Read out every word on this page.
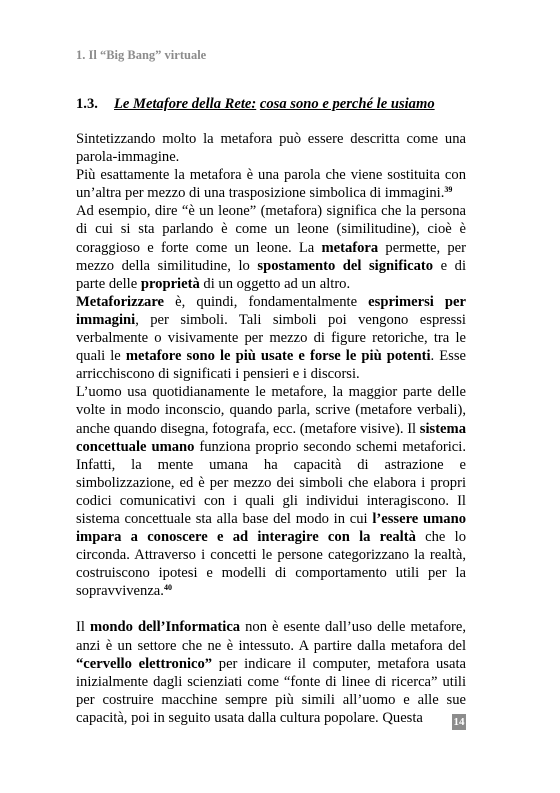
1. Il “Big Bang” virtuale
1.3. Le Metafore della Rete: cosa sono e perché le usiamo

Sintetizzando molto la metafora può essere descritta come una parola-immagine.

Più esattamente la metafora è una parola che viene sostituita con un’altra per mezzo di una trasposizione simbolica di immagini.$^{39}$

Ad esempio, dire “è un leone” (metafora) significa che la persona di cui si sta parlando è come un leone (similitudine), cioè è coraggioso e forte come un leone. La metafora permette, per mezzo della similitudine, lo spostamento del significato e di parte delle proprietà di un oggetto ad un altro.

Metaforizzare è, quindi, fondamentalmente esprimersi per immagini, per simboli. Tali simboli poi vengono espressi verbalmente o visivamente per mezzo di figure retoriche, tra le quali le metafore sono le più usate e forse le più potenti. Esse arricchiscono di significati i pensieri e i discorsi.

L’uomo usa quotidianamente le metafore, la maggior parte delle volte in modo inconscio, quando parla, scrive (metafore verbali), anche quando disegna, fotografa, ecc. (metafore visive). Il sistema concettuale umano funziona proprio secondo schemi metaforici. Infatti, la mente umana ha capacità di astrazione e simbolizzazione, ed è per mezzo dei simboli che elabora i propri codici comunicativi con i quali gli individui interagiscono. Il sistema concettuale sta alla base del modo in cui l’essere umano impara a conoscere e ad interagire con la realtà che lo circonda. Attraverso i concetti le persone categorizzano la realtà, costruiscono ipotesi e modelli di comportamento utili per la sopravvivenza.$^{40}$

Il mondo dell’Informatica non è esente dall’uso delle metafore, anzi è un settore che ne è intessuto. A partire dalla metafora del “cervello elettronico” per indicare il computer, metafora usata inizialmente dagli scienziati come “fonte di linee di ricerca” utili per costruire macchine sempre più simili all’uomo e alle sue capacità, poi in seguito usata dalla cultura popolare. Questa	14
